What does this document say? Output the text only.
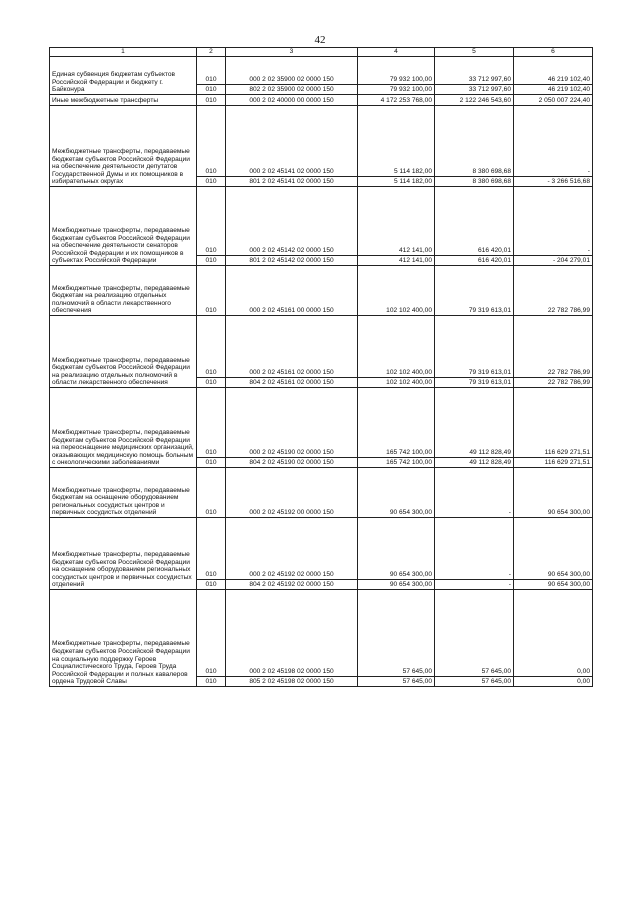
42
1	2	3	4	5	6
Единая субвенция бюджетам субъектов Российской Федерации и бюджету г. Байконура	010	000 2 02 35900 02 0000 150	79 932 100,00	33 712 997,60	46 219 102,40
	010	802 2 02 35900 02 0000 150	79 932 100,00	33 712 997,60	46 219 102,40
Иные межбюджетные трансферты	010	000 2 02 40000 00 0000 150	4 172 253 768,00	2 122 246 543,60	2 050 007 224,40
Межбюджетные трансферты, передаваемые бюджетам субъектов Российской Федерации на обеспечение деятельности депутатов Государственной Думы и их помощников в избирательных округах	010	000 2 02 45141 02 0000 150	5 114 182,00	8 380 698,68	-
	010	801 2 02 45141 02 0000 150	5 114 182,00	8 380 698,68	- 3 266 516,68
Межбюджетные трансферты, передаваемые бюджетам субъектов Российской Федерации на обеспечение деятельности сенаторов Российской Федерации и их помощников в субъектах Российской Федерации	010	000 2 02 45142 02 0000 150	412 141,00	616 420,01	-
	010	801 2 02 45142 02 0000 150	412 141,00	616 420,01	- 204 279,01
Межбюджетные трансферты, передаваемые бюджетам на реализацию отдельных полномочий в области лекарственного обеспечения	010	000 2 02 45161 00 0000 150	102 102 400,00	79 319 613,01	22 782 786,99
Межбюджетные трансферты, передаваемые бюджетам субъектов Российской Федерации на реализацию отдельных полномочий в области лекарственного обеспечения	010	000 2 02 45161 02 0000 150	102 102 400,00	79 319 613,01	22 782 786,99
	010	804 2 02 45161 02 0000 150	102 102 400,00	79 319 613,01	22 782 786,99
Межбюджетные трансферты, передаваемые бюджетам субъектов Российской Федерации на переоснащение медицинских организаций, оказывающих медицинскую помощь больным с онкологическими заболеваниями	010	000 2 02 45190 02 0000 150	165 742 100,00	49 112 828,49	116 629 271,51
	010	804 2 02 45190 02 0000 150	165 742 100,00	49 112 828,49	116 629 271,51
Межбюджетные трансферты, передаваемые бюджетам на оснащение оборудованием региональных сосудистых центров и первичных сосудистых отделений	010	000 2 02 45192 00 0000 150	90 654 300,00	-	90 654 300,00
Межбюджетные трансферты, передаваемые бюджетам субъектов Российской Федерации на оснащение оборудованием региональных сосудистых центров и первичных сосудистых отделений	010	000 2 02 45192 02 0000 150	90 654 300,00	-	90 654 300,00
	010	804 2 02 45192 02 0000 150	90 654 300,00	-	90 654 300,00
Межбюджетные трансферты, передаваемые бюджетам субъектов Российской Федерации на социальную поддержку Героев Социалистического Труда, Героев Труда Российской Федерации и полных кавалеров ордена Трудовой Славы	010	000 2 02 45198 02 0000 150	57 645,00	57 645,00	0,00
	010	805 2 02 45198 02 0000 150	57 645,00	57 645,00	0,00
